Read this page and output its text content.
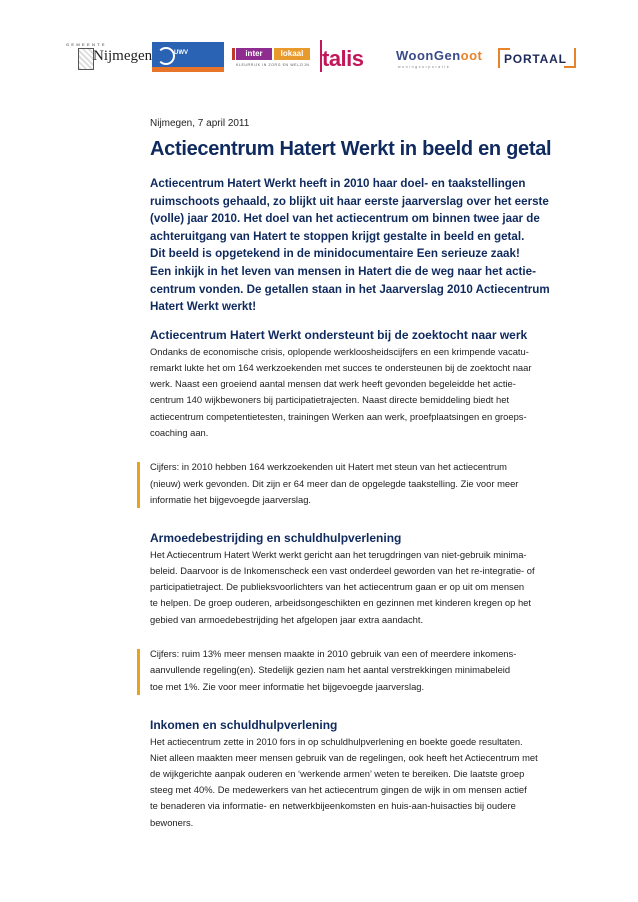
GEMEENTE
Nijmegen	UWV	inter	lokaal
KLEURRIJK IN ZORG EN WELZIJN talis WoonGenoot
woningcorporatie
PORTAAL
Nijmegen, 7 april 2011
Actiecentrum Hatert Werkt in beeld en getal
Actiecentrum Hatert Werkt heeft in 2010 haar doel- en taakstellingen
ruimschoots gehaald, zo blijkt uit haar eerste jaarverslag over het eerste
(volle) jaar 2010. Het doel van het actiecentrum om binnen twee jaar de
achteruitgang van Hatert te stoppen krijgt gestalte in beeld en getal.
Dit beeld is opgetekend in de minidocumentaire Een serieuze zaak!
Een inkijk in het leven van mensen in Hatert die de weg naar het actie-
centrum vonden. De getallen staan in het Jaarverslag 2010 Actiecentrum
Hatert Werkt werkt!
Actiecentrum Hatert Werkt ondersteunt bij de zoektocht naar werk
Ondanks de economische crisis, oplopende werkloosheidscijfers en een krimpende vacatu-
remarkt lukte het om 164 werkzoekenden met succes te ondersteunen bij de zoektocht naar
werk. Naast een groeiend aantal mensen dat werk heeft gevonden begeleidde het actie-
centrum 140 wijkbewoners bij participatietrajecten. Naast directe bemiddeling biedt het
actiecentrum competentietesten, trainingen Werken aan werk, proefplaatsingen en groeps-
coaching aan.
Cijfers: in 2010 hebben 164 werkzoekenden uit Hatert met steun van het actiecentrum
(nieuw) werk gevonden. Dit zijn er 64 meer dan de opgelegde taakstelling. Zie voor meer
informatie het bijgevoegde jaarverslag.
Armoedebestrijding en schuldhulpverlening
Het Actiecentrum Hatert Werkt werkt gericht aan het terugdringen van niet-gebruik minima-
beleid. Daarvoor is de Inkomenscheck een vast onderdeel geworden van het re-integratie- of
participatietraject. De publieksvoorlichters van het actiecentrum gaan er op uit om mensen
te helpen. De groep ouderen, arbeidsongeschikten en gezinnen met kinderen kregen op het
gebied van armoedebestrijding het afgelopen jaar extra aandacht.
Cijfers: ruim 13% meer mensen maakte in 2010 gebruik van een of meerdere inkomens-
aanvullende regeling(en). Stedelijk gezien nam het aantal verstrekkingen minimabeleid
toe met 1%. Zie voor meer informatie het bijgevoegde jaarverslag.
Inkomen en schuldhulpverlening
Het actiecentrum zette in 2010 fors in op schuldhulpverlening en boekte goede resultaten.
Niet alleen maakten meer mensen gebruik van de regelingen, ook heeft het Actiecentrum met
de wijkgerichte aanpak ouderen en ‘werkende armen’ weten te bereiken. Die laatste groep
steeg met 40%. De medewerkers van het actiecentrum gingen de wijk in om mensen actief
te benaderen via informatie- en netwerkbijeenkomsten en huis-aan-huisacties bij oudere
bewoners.
